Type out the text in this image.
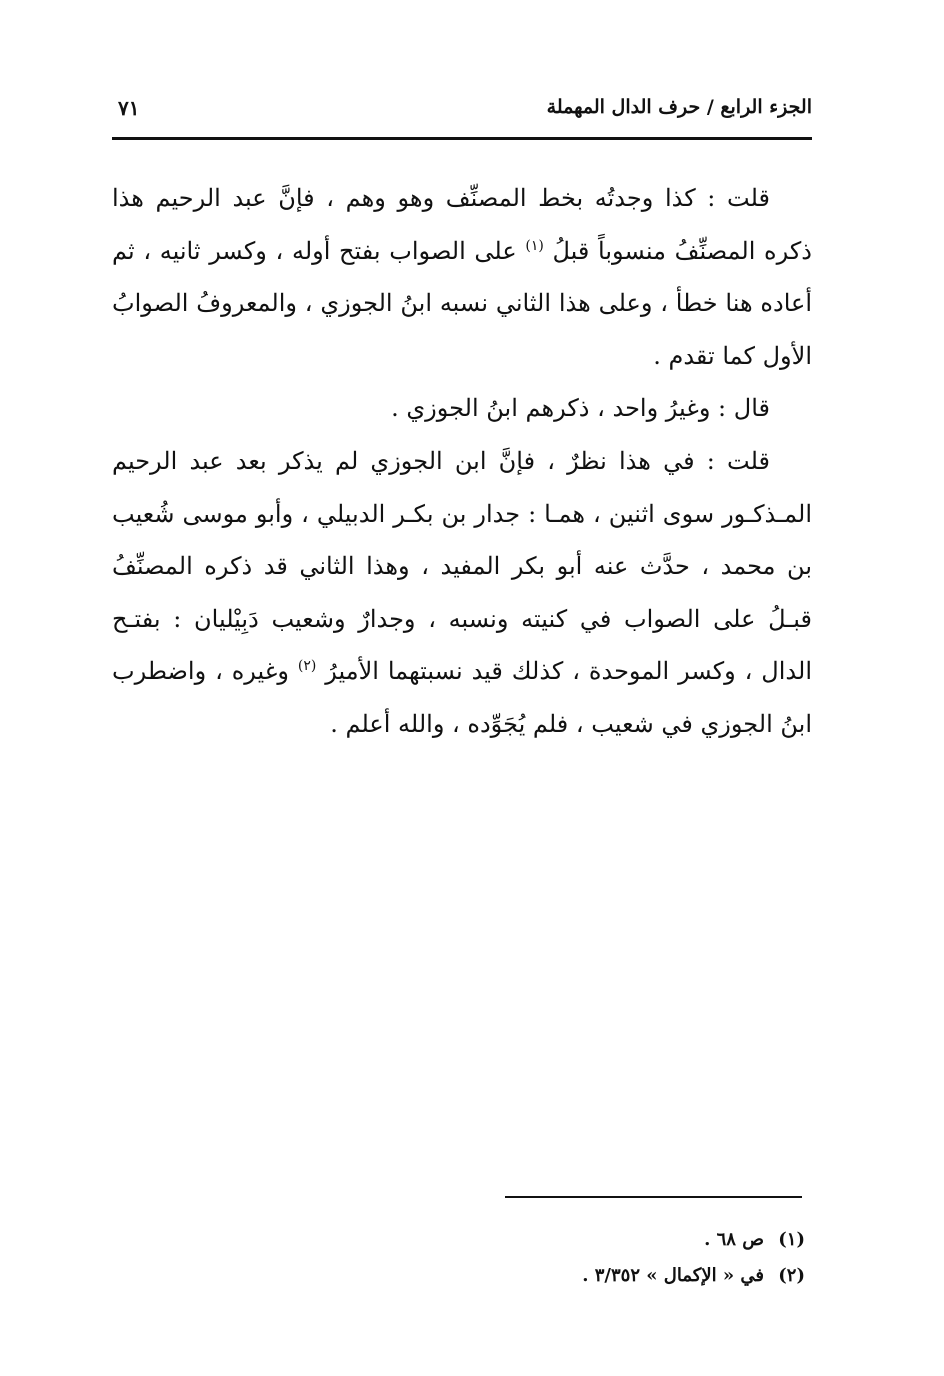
٧١	الجزء الرابع / حرف الدال المهملة

قلت : كذا وجدتُه بخط المصنِّف وهو وهم ، فإنَّ عبد الرحيم هذا ذكره المصنِّفُ منسوباً قبلُ $^{(١)}$ على الصواب بفتح أوله ، وكسر ثانيه ، ثم أعاده هنا خطأ ، وعلى هذا الثاني نسبه ابنُ الجوزي ، والمعروفُ الصوابُ الأول كما تقدم .

قال : وغيرُ واحد ، ذكرهم ابنُ الجوزي .

قلت : في هذا نظرٌ ، فإنَّ ابن الجوزي لم يذكر بعد عبد الرحيم المـذكـور سوى اثنين ، همـا : جدار بن بكـر الدبيلي ، وأبو موسى شُعيب بن محمد ، حدَّث عنه أبو بكر المفيد ، وهذا الثاني قد ذكره المصنِّفُ قبـلُ على الصواب في كنيته ونسبه ، وجدارٌ وشعيب دَبِيْليان : بفتـح الدال ، وكسر الموحدة ، كذلك قيد نسبتهما الأميرُ $^{(٢)}$ وغيره ، واضطرب ابنُ الجوزي في شعيب ، فلم يُجَوِّده ، والله أعلم .

(١) ص ٦٨ .
(٢) في « الإكمال » ٣/٣٥٢ .
